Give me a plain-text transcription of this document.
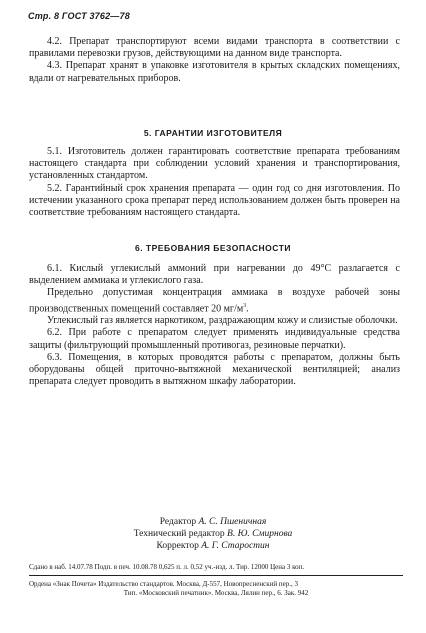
Стр. 8 ГОСТ 3762—78

4.2. Препарат транспортируют всеми видами транспорта в соответствии с правилами перевозки грузов, действующими на данном виде транспорта.

4.3. Препарат хранят в упаковке изготовителя в крытых складских помещениях, вдали от нагревательных приборов.

5. ГАРАНТИИ ИЗГОТОВИТЕЛЯ

5.1. Изготовитель должен гарантировать соответствие препарата требованиям настоящего стандарта при соблюдении условий хранения и транспортирования, установленных стандартом.

5.2. Гарантийный срок хранения препарата — один год со дня изготовления. По истечении указанного срока препарат перед использованием должен быть проверен на соответствие требованиям настоящего стандарта.

6. ТРЕБОВАНИЯ БЕЗОПАСНОСТИ

6.1. Кислый углекислый аммоний при нагревании до 49°С разлагается с выделением аммиака и углекислого газа.

Предельно допустимая концентрация аммиака в воздухе рабочей зоны производственных помещений составляет 20 $мг/м^3$.

Углекислый газ является наркотиком, раздражающим кожу и слизистые оболочки.

6.2. При работе с препаратом следует применять индивидуальные средства защиты (фильтрующий промышленный противогаз, резиновые перчатки).

6.3. Помещения, в которых проводятся работы с препаратом, должны быть оборудованы общей приточно-вытяжной механической вентиляцией; анализ препарата следует проводить в вытяжном шкафу лаборатории.

Редактор А. С. Пшеничная
Технический редактор В. Ю. Смирнова
Корректор А. Г. Старостин
Сдано в наб. 14.07.78 Подп. в печ. 10.08.78 0,625 п. л. 0,52 уч.-изд. л. Тир. 12000 Цена 3 коп.
Ордена «Знак Почета» Издательство стандартов. Москва, Д-557, Новопресненский пер., 3
Тип. «Московский печатник». Москва, Лялин пер., 6. Зак. 942
